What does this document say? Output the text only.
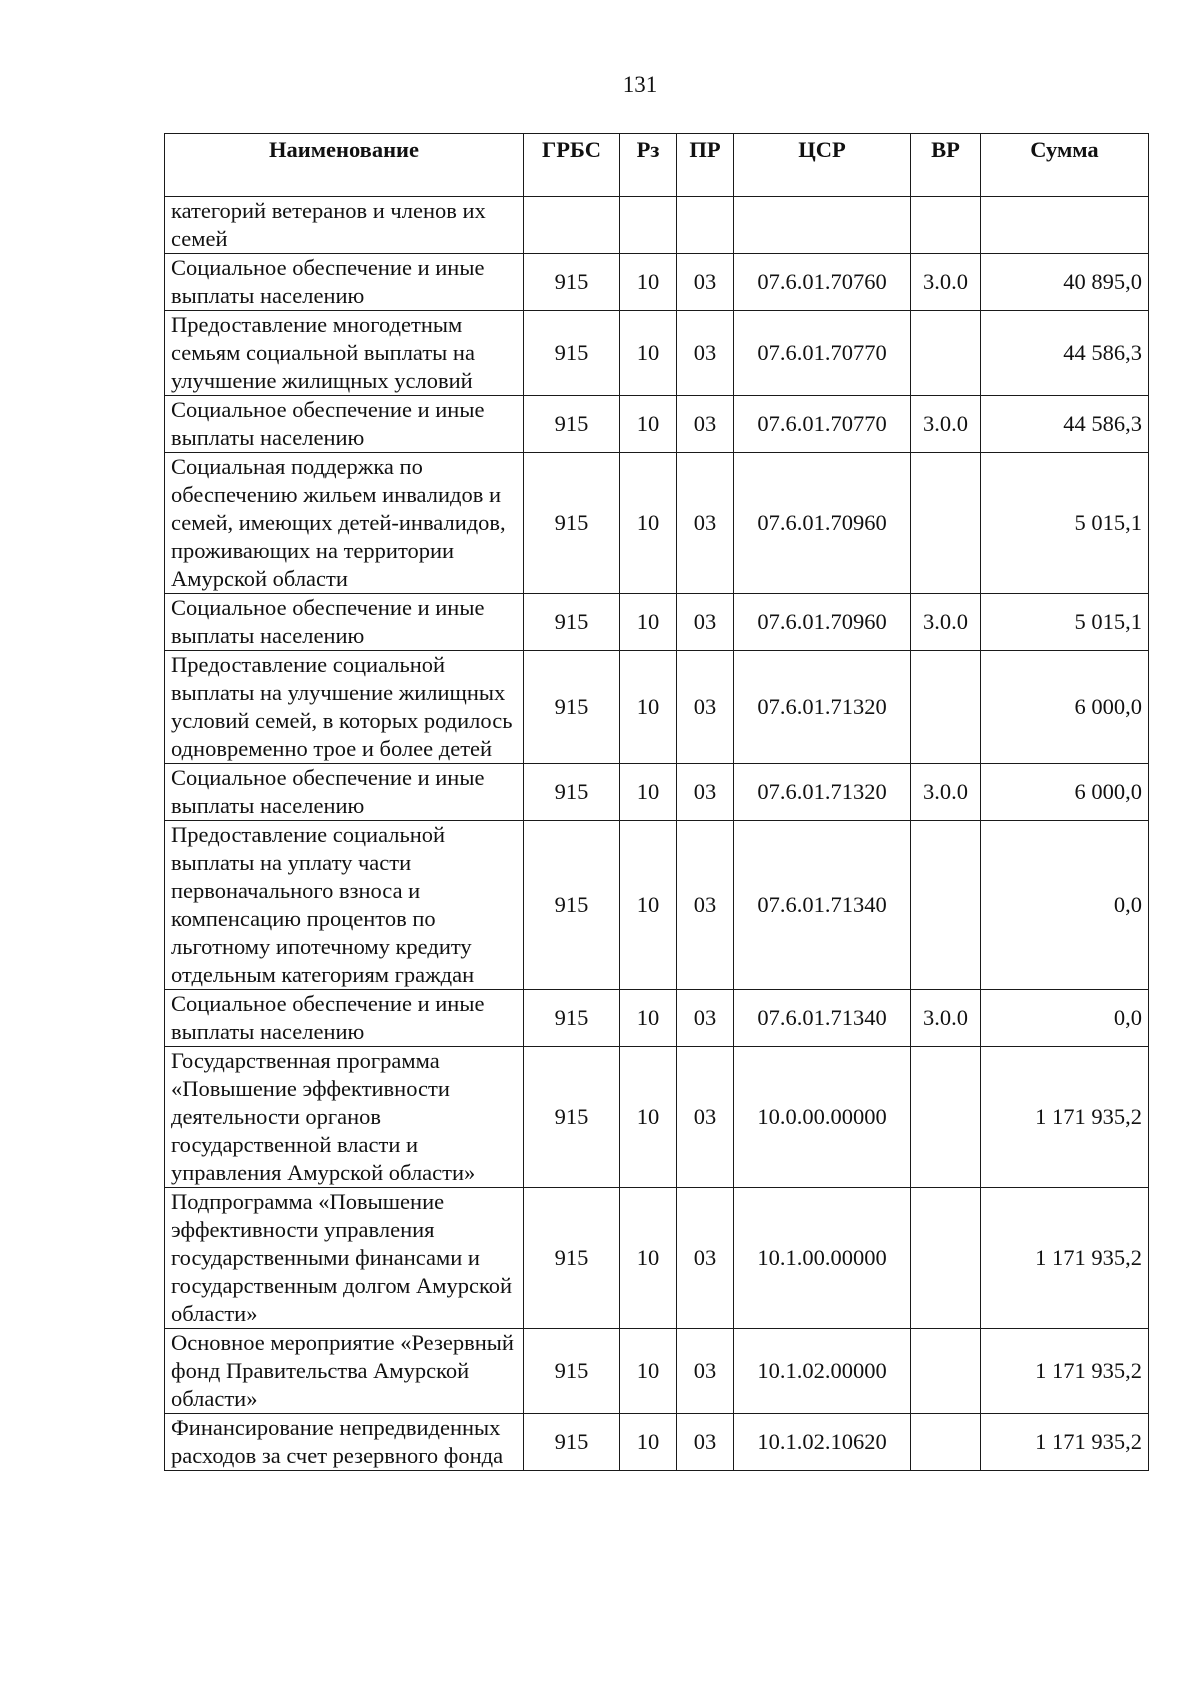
131
Наименование	ГРБС	Рз	ПР	ЦСР	ВР	Сумма
категорий ветеранов и членов их семей						
Социальное обеспечение и иные выплаты населению	915	10	03	07.6.01.70760	3.0.0	40 895,0
Предоставление многодетным семьям социальной выплаты на улучшение жилищных условий	915	10	03	07.6.01.70770		44 586,3
Социальное обеспечение и иные выплаты населению	915	10	03	07.6.01.70770	3.0.0	44 586,3
Социальная поддержка по обеспечению жильем инвалидов и семей, имеющих детей-инвалидов, проживающих на территории Амурской области	915	10	03	07.6.01.70960		5 015,1
Социальное обеспечение и иные выплаты населению	915	10	03	07.6.01.70960	3.0.0	5 015,1
Предоставление социальной выплаты на улучшение жилищных условий семей, в которых родилось одновременно трое и более детей	915	10	03	07.6.01.71320		6 000,0
Социальное обеспечение и иные выплаты населению	915	10	03	07.6.01.71320	3.0.0	6 000,0
Предоставление социальной выплаты на уплату части первоначального взноса и компенсацию процентов по льготному ипотечному кредиту отдельным категориям граждан	915	10	03	07.6.01.71340		0,0
Социальное обеспечение и иные выплаты населению	915	10	03	07.6.01.71340	3.0.0	0,0
Государственная программа «Повышение эффективности деятельности органов государственной власти и управления Амурской области»	915	10	03	10.0.00.00000		1 171 935,2
Подпрограмма «Повышение эффективности управления государственными финансами и государственным долгом Амурской области»	915	10	03	10.1.00.00000		1 171 935,2
Основное мероприятие «Резервный фонд Правительства Амурской области»	915	10	03	10.1.02.00000		1 171 935,2
Финансирование непредвиденных расходов за счет резервного фонда	915	10	03	10.1.02.10620		1 171 935,2
